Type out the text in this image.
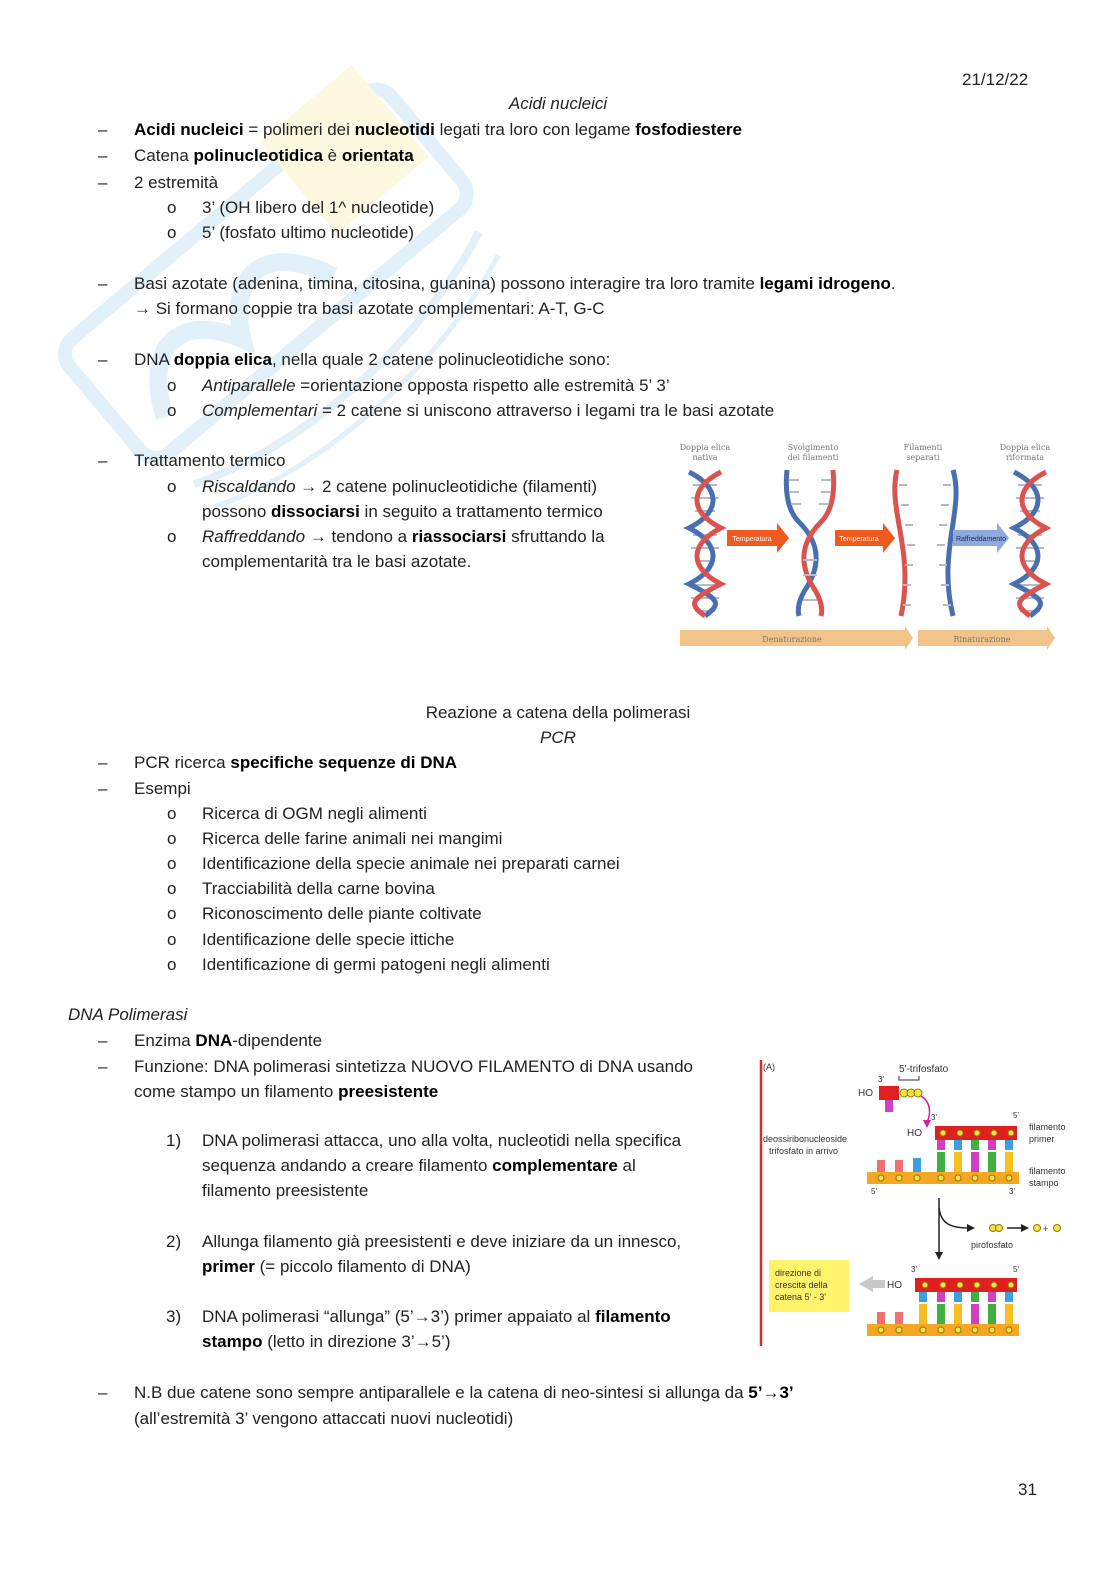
21/12/22
Acidi nucleici
– Acidi nucleici = polimeri dei nucleotidi legati tra loro con legame fosfodiestere
– Catena polinucleotidica è orientata
– 2 estremità
o 3’ (OH libero del 1^ nucleotide)
o 5’ (fosfato ultimo nucleotide)
– Basi azotate (adenina, timina, citosina, guanina) possono interagire tra loro tramite legami idrogeno.
→ Si formano coppie tra basi azotate complementari: A-T, G-C
– DNA doppia elica, nella quale 2 catene polinucleotidiche sono:
o Antiparallele =orientazione opposta rispetto alle estremità 5’ 3’
o Complementari = 2 catene si uniscono attraverso i legami tra le basi azotate
– Trattamento termico
o Riscaldando → 2 catene polinucleotidiche (filamenti)
possono dissociarsi in seguito a trattamento termico
o Raffreddando → tendono a riassociarsi sfruttando la
complementarità tra le basi azotate.
Doppia elica
nativa
Svolgimento
dei filamenti
Filamenti
separati
Doppia elica
riformata
Temperatura	Temperatura	Raffreddamento
Denaturazione	Rinaturazione
Reazione a catena della polimerasi
PCR
– PCR ricerca specifiche sequenze di DNA
– Esempi
o Ricerca di OGM negli alimenti
o Ricerca delle farine animali nei mangimi
o Identificazione della specie animale nei preparati carnei
o Tracciabilità della carne bovina
o Riconoscimento delle piante coltivate
o Identificazione delle specie ittiche
o Identificazione di germi patogeni negli alimenti
DNA Polimerasi
– Enzima DNA-dipendente
– Funzione: DNA polimerasi sintetizza NUOVO FILAMENTO di DNA usando
come stampo un filamento preesistente
1) DNA polimerasi attacca, uno alla volta, nucleotidi nella specifica
sequenza andando a creare filamento complementare al
filamento preesistente
2) Allunga filamento già preesistenti e deve iniziare da un innesco,
primer (= piccolo filamento di DNA)
3) DNA polimerasi “allunga” (5’→3’) primer appaiato al filamento
stampo (letto in direzione 3’→5’)
– N.B due catene sono sempre antiparallele e la catena di neo-sintesi si allunga da 5’→3’
(all’estremità 3’ vengono attaccati nuovi nucleotidi)
(A)	5'-trifosfato
3'
HO
deossiribonucleoside
trifosfato in arrivo
3'	5'
HO
filamento
primer
5'	3'
filamento
stampo
+
pirofosfato
direzione di
crescita della
catena 5' - 3'
3'	5'
HO
31
